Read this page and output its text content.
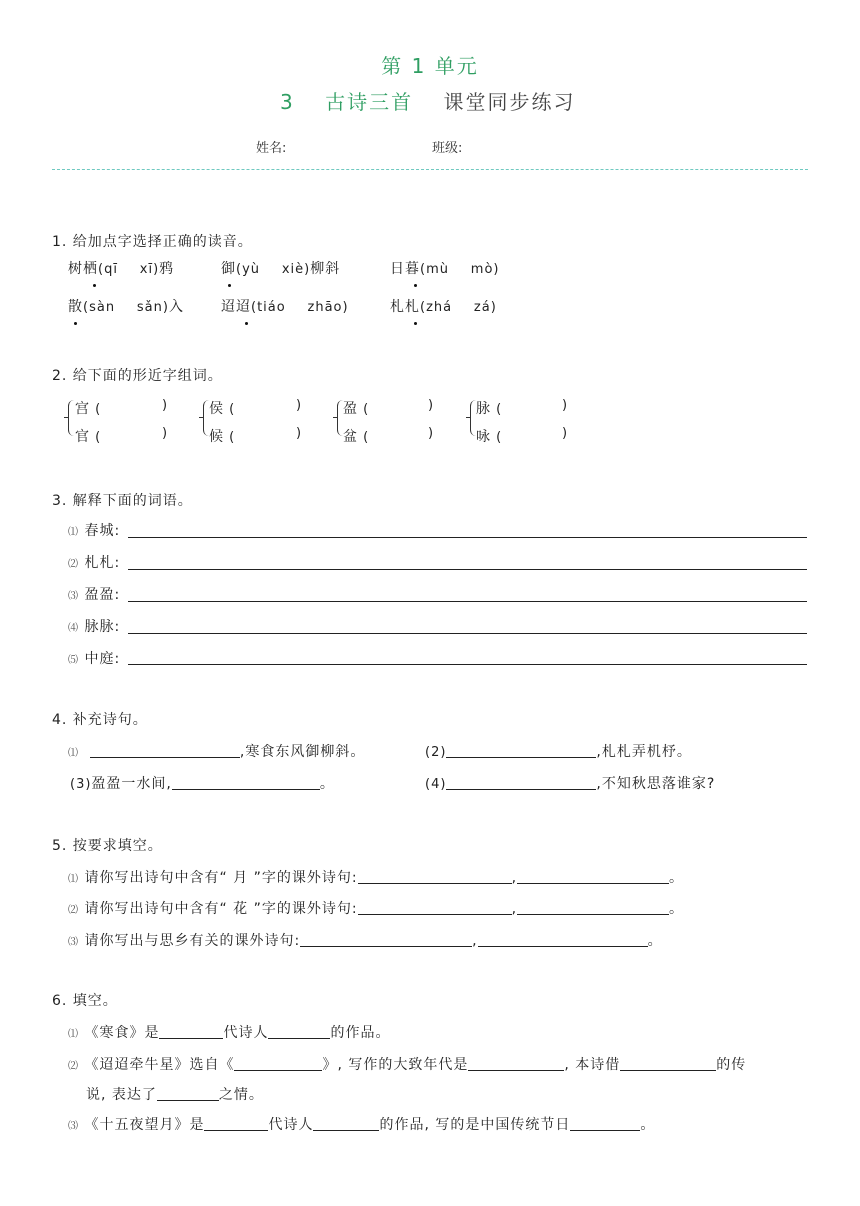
第 1 单元
3 古诗三首 课堂同步练习
姓名:	班级:
1. 给加点字选择正确的读音。
树栖(qī xī)鸦	御(yù xiè)柳斜	日暮(mù mò)
散(sàn sǎn)入	迢迢(tiáo zhāo)	札札(zhá zá)
2. 给下面的形近字组词。
宫 (	)
官 (	)
侯 (	)
候 (	)
盈 (	)
盆 (	)
脉 (	)
咏 (	)
3. 解释下面的词语。
⑴ 春城:
⑵ 札札:
⑶ 盈盈:
⑷ 脉脉:
⑸ 中庭:
4. 补充诗句。
⑴	,寒食东风御柳斜。	(2)	,札札弄机杼。
(3)盈盈一水间,	。	(4)	,不知秋思落谁家?
5. 按要求填空。
⑴ 请你写出诗句中含有“ 月 ”字的课外诗句:	,	。
⑵ 请你写出诗句中含有“ 花 ”字的课外诗句:	,	。
⑶ 请你写出与思乡有关的课外诗句:	,	。
6. 填空。
⑴ 《寒食》是	代诗人	的作品。
⑵ 《迢迢牵牛星》选自《	》, 写作的大致年代是	, 本诗借	的传
说, 表达了	之情。
⑶ 《十五夜望月》是	代诗人	的作品, 写的是中国传统节日	。
